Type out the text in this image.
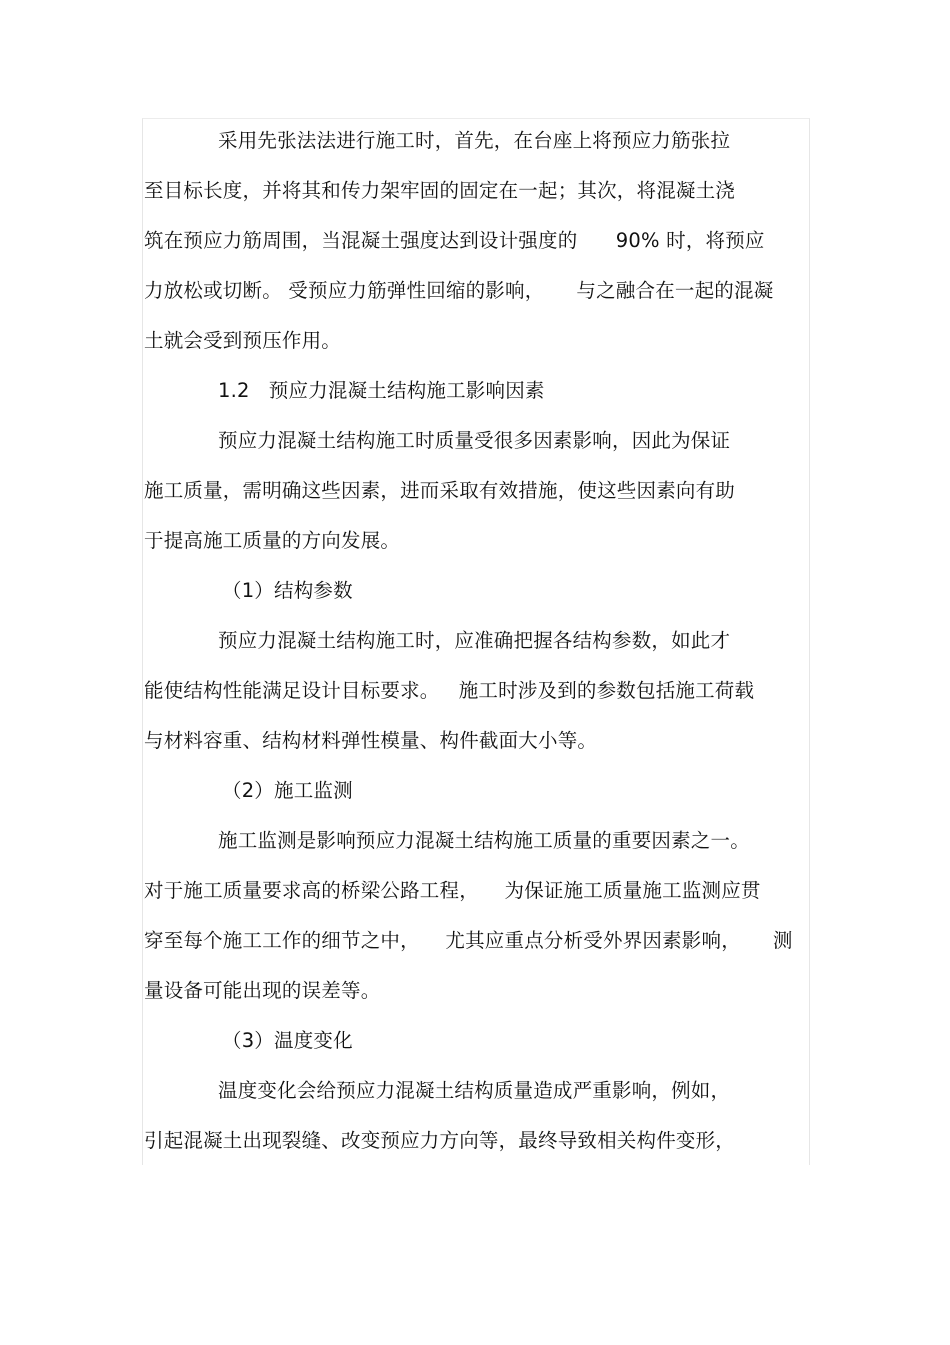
采用先张法法进行施工时，首先，在台座上将预应力筋张拉
至目标长度，并将其和传力架牢固的固定在一起；其次，将混凝土浇
筑在预应力筋周围，当混凝土强度达到设计强度的      90% 时，将预应
力放松或切断。 受预应力筋弹性回缩的影响，     与之融合在一起的混凝
土就会受到预压作用。
1.2   预应力混凝土结构施工影响因素
预应力混凝土结构施工时质量受很多因素影响，因此为保证
施工质量，需明确这些因素，进而采取有效措施，使这些因素向有助
于提高施工质量的方向发展。
（1）结构参数
预应力混凝土结构施工时，应准确把握各结构参数，如此才
能使结构性能满足设计目标要求。   施工时涉及到的参数包括施工荷载
与材料容重、结构材料弹性模量、构件截面大小等。
（2）施工监测
施工监测是影响预应力混凝土结构施工质量的重要因素之一。
对于施工质量要求高的桥梁公路工程，    为保证施工质量施工监测应贯
穿至每个施工工作的细节之中，    尤其应重点分析受外界因素影响，     测
量设备可能出现的误差等。
（3）温度变化
温度变化会给预应力混凝土结构质量造成严重影响，例如，
引起混凝土出现裂缝、改变预应力方向等，最终导致相关构件变形，
